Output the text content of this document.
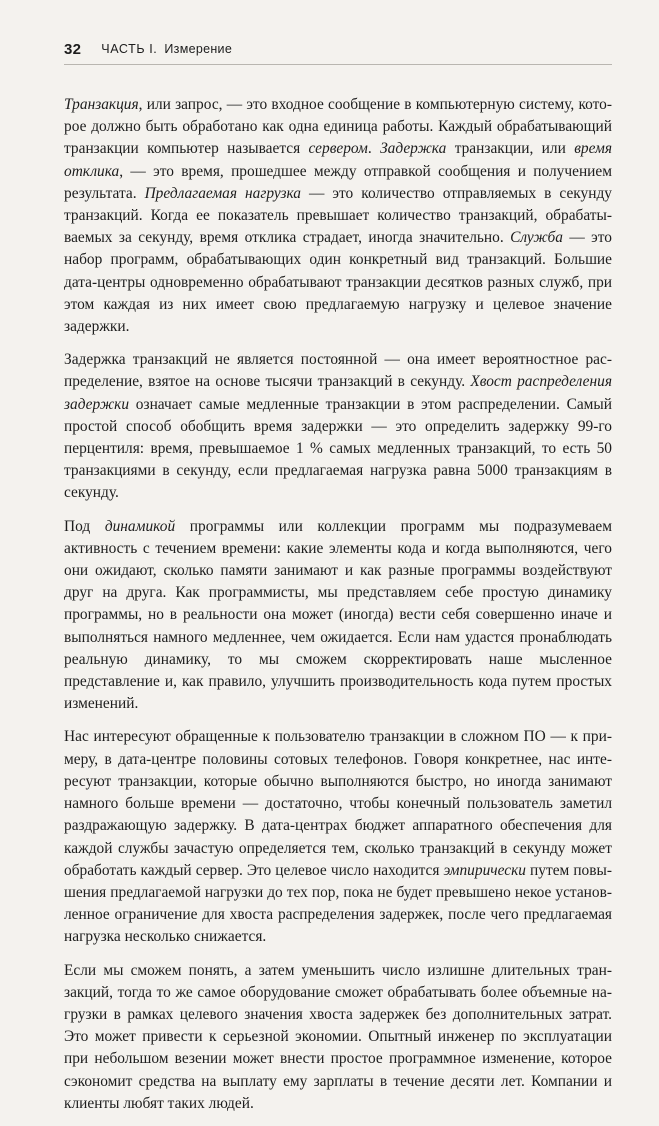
32 ЧАСТЬ I. Измерение

Транзакция, или запрос, — это входное сообщение в компьютерную систему, которое должно быть обработано как одна единица работы. Каждый обрабатывающий транзакции компьютер называется сервером. Задержка транзакции, или время отклика, — это время, прошедшее между отправкой сообщения и получением результата. Предлагаемая нагрузка — это количество отправляемых в секунду транзакций. Когда ее показатель превышает количество транзакций, обрабатываемых за секунду, время отклика страдает, иногда значительно. Служба — это набор программ, обрабатывающих один конкретный вид транзакций. Большие дата-центры одновременно обрабатывают транзакции десятков разных служб, при этом каждая из них имеет свою предлагаемую нагрузку и целевое значение задержки.

Задержка транзакций не является постоянной — она имеет вероятностное распределение, взятое на основе тысячи транзакций в секунду. Хвост распределения задержки означает самые медленные транзакции в этом распределении. Самый простой способ обобщить время задержки — это определить задержку 99-го перцентиля: время, превышаемое 1 % самых медленных транзакций, то есть 50 транзакциями в секунду, если предлагаемая нагрузка равна 5000 транзакциям в секунду.

Под динамикой программы или коллекции программ мы подразумеваем активность с течением времени: какие элементы кода и когда выполняются, чего они ожидают, сколько памяти занимают и как разные программы воздействуют друг на друга. Как программисты, мы представляем себе простую динамику программы, но в реальности она может (иногда) вести себя совершенно иначе и выполняться намного медленнее, чем ожидается. Если нам удастся пронаблюдать реальную динамику, то мы сможем скорректировать наше мысленное представление и, как правило, улучшить производительность кода путем простых изменений.

Нас интересуют обращенные к пользователю транзакции в сложном ПО — к примеру, в дата-центре половины сотовых телефонов. Говоря конкретнее, нас интересуют транзакции, которые обычно выполняются быстро, но иногда занимают намного больше времени — достаточно, чтобы конечный пользователь заметил раздражающую задержку. В дата-центрах бюджет аппаратного обеспечения для каждой службы зачастую определяется тем, сколько транзакций в секунду может обработать каждый сервер. Это целевое число находится эмпирически путем повышения предлагаемой нагрузки до тех пор, пока не будет превышено некое установленное ограничение для хвоста распределения задержек, после чего предлагаемая нагрузка несколько снижается.

Если мы сможем понять, а затем уменьшить число излишне длительных транзакций, тогда то же самое оборудование сможет обрабатывать более объемные нагрузки в рамках целевого значения хвоста задержек без дополнительных затрат. Это может привести к серьезной экономии. Опытный инженер по эксплуатации при небольшом везении может внести простое программное изменение, которое сэкономит средства на выплату ему зарплаты в течение десяти лет. Компании и клиенты любят таких людей.
